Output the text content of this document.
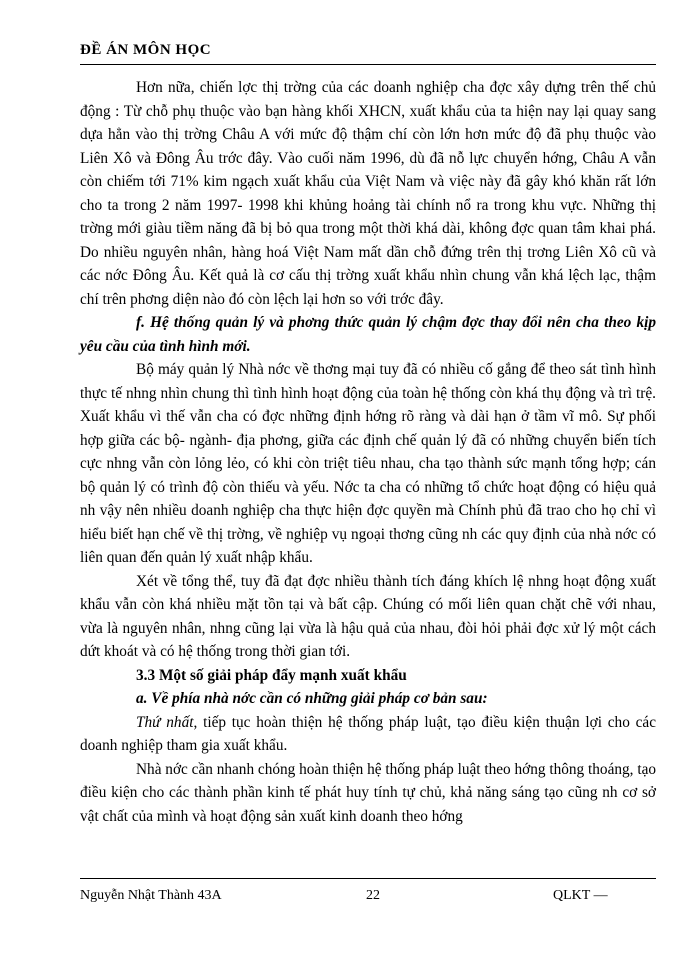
ĐỀ ÁN MÔN HỌC

Hơn nữa, chiến lợc thị trờng của các doanh nghiệp cha đợc xây dựng trên thế chủ động : Từ chỗ phụ thuộc vào bạn hàng khối XHCN, xuất khẩu của ta hiện nay lại quay sang dựa hẳn vào thị trờng Châu A với mức độ thậm chí còn lớn hơn mức độ đã phụ thuộc vào Liên Xô và Đông Âu trớc đây. Vào cuối năm 1996, dù đã nỗ lực chuyển hớng, Châu A vẫn còn chiếm tới 71% kim ngạch xuất khẩu của Việt Nam và việc này đã gây khó khăn rất lớn cho ta trong 2 năm 1997- 1998 khi khủng hoảng tài chính nổ ra trong khu vực. Những thị trờng mới giàu tiềm năng đã bị bỏ qua trong một thời khá dài, không đợc quan tâm khai phá. Do nhiều nguyên nhân, hàng hoá Việt Nam mất dần chỗ đứng trên thị trơng Liên Xô cũ và các nớc Đông Âu. Kết quả là cơ cấu thị trờng xuất khẩu nhìn chung vẫn khá lệch lạc, thậm chí trên phơng diện nào đó còn lệch lại hơn so với trớc đây.

f. Hệ thống quản lý và phơng thức quản lý chậm đợc thay đổi nên cha theo kịp yêu cầu của tình hình mới.

Bộ máy quản lý Nhà nớc về thơng mại tuy đã có nhiều cố gắng để theo sát tình hình thực tế nhng nhìn chung thì tình hình hoạt động của toàn hệ thống còn khá thụ động và trì trệ. Xuất khẩu vì thế vẫn cha có đợc những định hớng rõ ràng và dài hạn ở tầm vĩ mô. Sự phối hợp giữa các bộ- ngành- địa phơng, giữa các định chế quản lý đã có những chuyển biến tích cực nhng vẫn còn lỏng lẻo, có khi còn triệt tiêu nhau, cha tạo thành sức mạnh tổng hợp; cán bộ quản lý có trình độ còn thiếu và yếu. Nớc ta cha có những tổ chức hoạt động có hiệu quả nh vậy nên nhiều doanh nghiệp cha thực hiện đợc quyền mà Chính phủ đã trao cho họ chỉ vì hiểu biết hạn chế về thị trờng, về nghiệp vụ ngoại thơng cũng nh các quy định của nhà nớc có liên quan đến quản lý xuất nhập khẩu.

Xét về tổng thể, tuy đã đạt đợc nhiều thành tích đáng khích lệ nhng hoạt động xuất khẩu vẫn còn khá nhiều mặt tồn tại và bất cập. Chúng có mối liên quan chặt chẽ với nhau, vừa là nguyên nhân, nhng cũng lại vừa là hậu quả của nhau, đòi hỏi phải đợc xử lý một cách dứt khoát và có hệ thống trong thời gian tới.

3.3 Một số giải pháp đẩy mạnh xuất khẩu

a. Về phía nhà nớc cần có những giải pháp cơ bản sau:

Thứ nhất, tiếp tục hoàn thiện hệ thống pháp luật, tạo điều kiện thuận lợi cho các doanh nghiệp tham gia xuất khẩu.

Nhà nớc cần nhanh chóng hoàn thiện hệ thống pháp luật theo hớng thông thoáng, tạo điều kiện cho các thành phần kinh tế phát huy tính tự chủ, khả năng sáng tạo cũng nh cơ sở vật chất của mình và hoạt động sản xuất kinh doanh theo hớng

Nguyễn Nhật Thành 43A	22	QLKT —
